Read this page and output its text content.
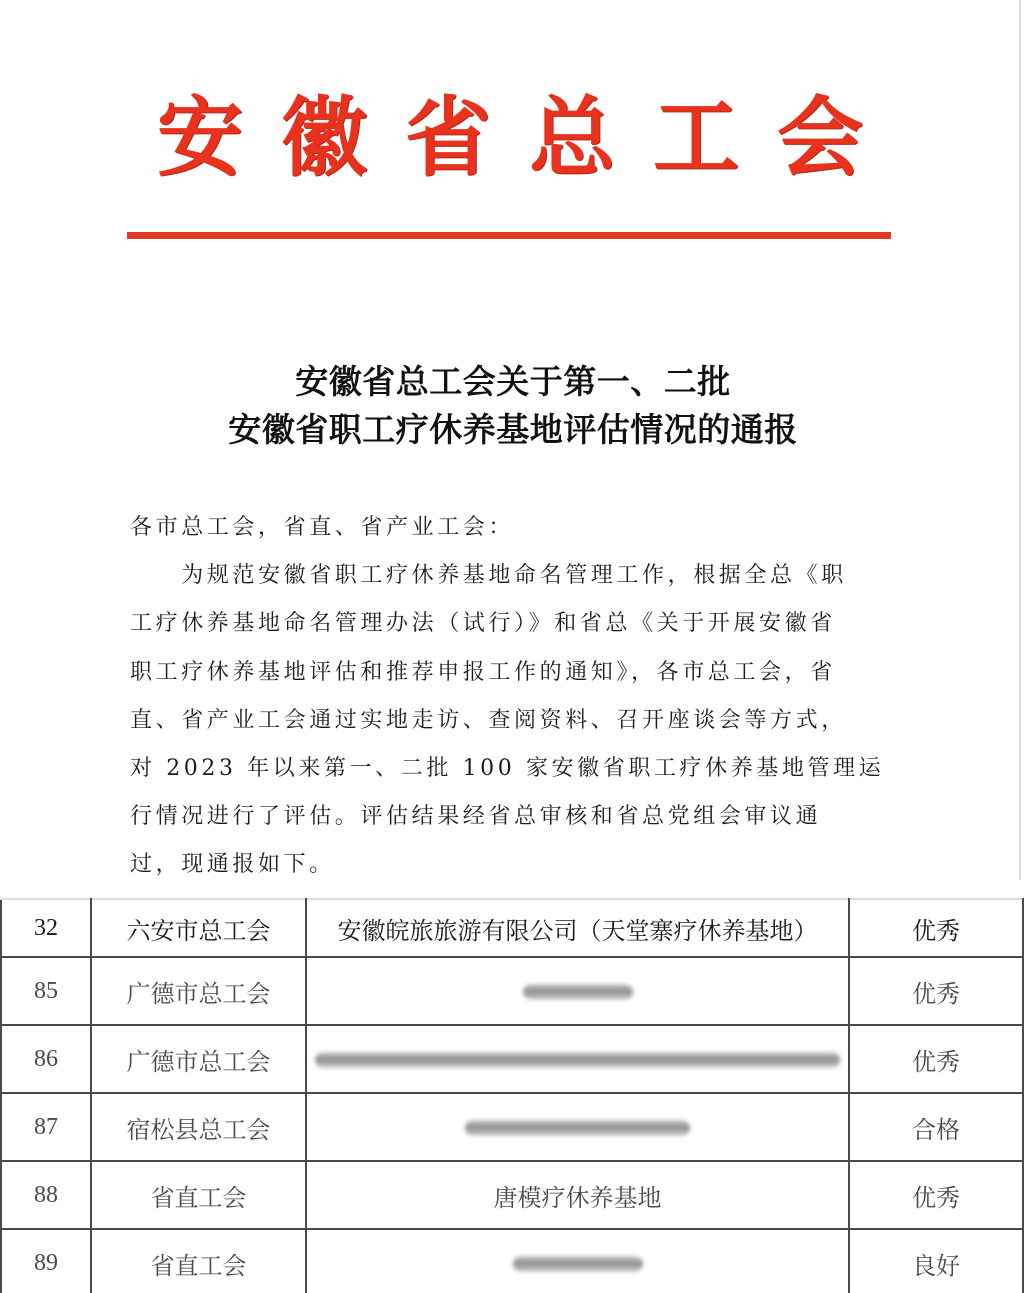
安 徽 省 总 工 会
安徽省总工会关于第一、二批
安徽省职工疗休养基地评估情况的通报

各市总工会，省直、省产业工会：

　　为规范安徽省职工疗休养基地命名管理工作，根据全总《职

工疗休养基地命名管理办法（试行）》和省总《关于开展安徽省

职工疗休养基地评估和推荐申报工作的通知》，各市总工会，省

直、省产业工会通过实地走访、查阅资料、召开座谈会等方式，

对 2023 年以来第一、二批 100 家安徽省职工疗休养基地管理运

行情况进行了评估。评估结果经省总审核和省总党组会审议通

过，现通报如下。

32	六安市总工会	安徽皖旅旅游有限公司（天堂寨疗休养基地）	优秀
85	广德市总工会		优秀
86	广德市总工会		优秀
87	宿松县总工会		合格
88	省直工会	唐模疗休养基地	优秀
89	省直工会		良好
